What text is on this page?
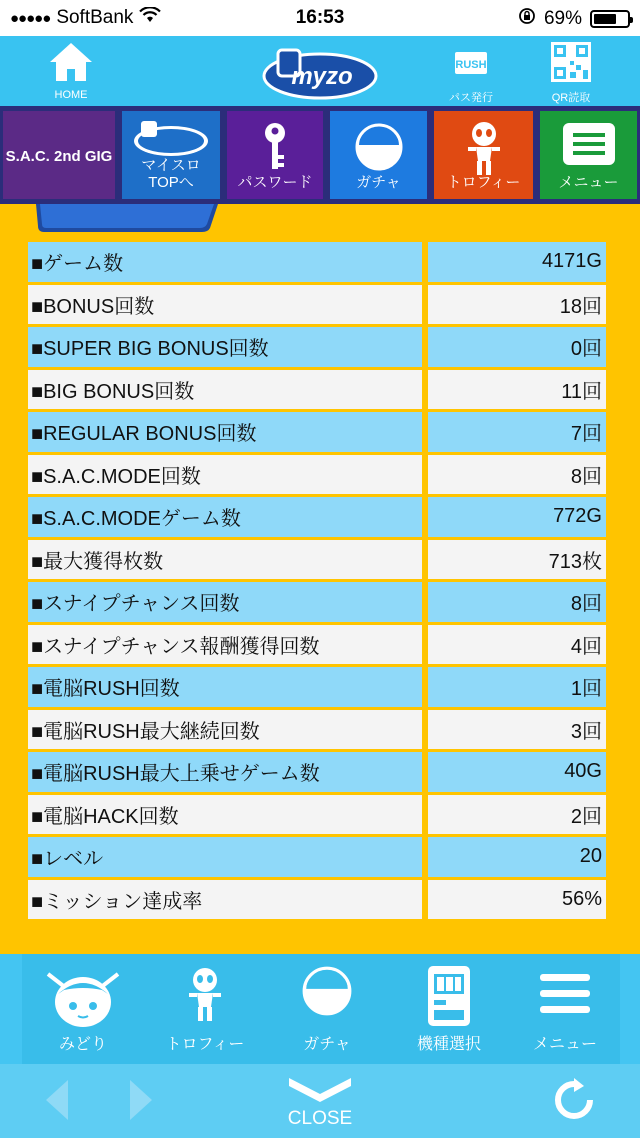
●●●●● SoftBank	16:53	69%
HOME
myzo	RUSH
パス発行	QR読取
S.A.C. 2nd GIG
マイスロ
TOPへ	パスワード	ガチャ	トロフィー	メニュー
■ゲーム数	4171G
■BONUS回数	18回
■SUPER BIG BONUS回数	0回
■BIG BONUS回数	11回
■REGULAR BONUS回数	7回
■S.A.C.MODE回数	8回
■S.A.C.MODEゲーム数	772G
■最大獲得枚数	713枚
■スナイプチャンス回数	8回
■スナイプチャンス報酬獲得回数	4回
■電脳RUSH回数	1回
■電脳RUSH最大継続回数	3回
■電脳RUSH最大上乗せゲーム数	40G
■電脳HACK回数	2回
■レベル	20
■ミッション達成率	56%
みどり	トロフィー	ガチャ	機種選択	メニュー
CLOSE
